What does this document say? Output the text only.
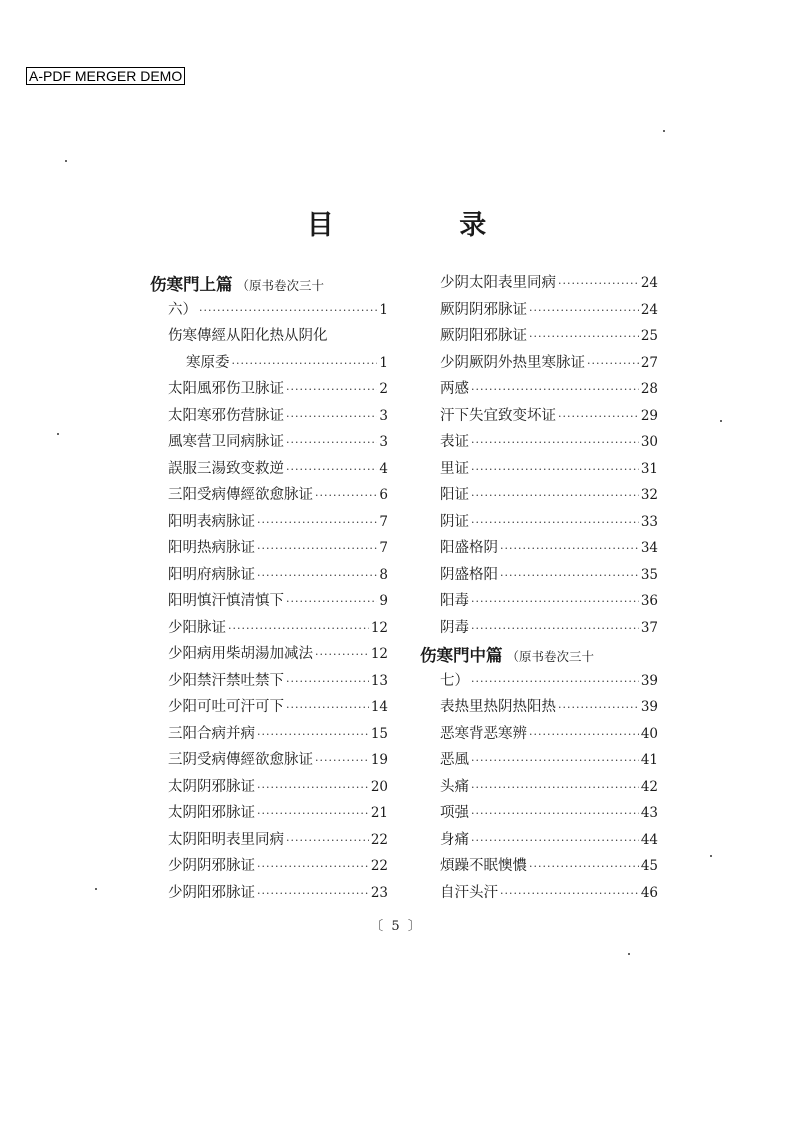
A-PDF MERGER DEMO
目 录
伤寒門上篇 （原书卷次三十
六） ·····	1
伤寒傳經从阳化热从阴化
寒原委 ·····	1
太阳風邪伤卫脉证 ·····	2
太阳寒邪伤营脉证 ·····	3
風寒营卫同病脉证 ·····	3
誤服三湯致变救逆 ·····	4
三阳受病傳經欲愈脉证 ·····	6
阳明表病脉证 ·····	7
阳明热病脉证 ·····	7
阳明府病脉证 ·····	8
阳明慎汗慎清慎下 ·····	9
少阳脉证 ·····	12
少阳病用柴胡湯加减法 ·····	12
少阳禁汗禁吐禁下 ·····	13
少阳可吐可汗可下 ·····	14
三阳合病并病 ·····	15
三阴受病傳經欲愈脉证 ·····	19
太阴阴邪脉证 ·····	20
太阴阳邪脉证 ·····	21
太阴阳明表里同病 ·····	22
少阴阴邪脉证 ·····	22
少阴阳邪脉证 ·····	23
少阴太阳表里同病 ·····	24
厥阴阴邪脉证 ·····	24
厥阴阳邪脉证 ·····	25
少阴厥阴外热里寒脉证 ·····	27
两感 ·····	28
汗下失宜致变坏证 ·····	29
表证 ·····	30
里证 ·····	31
阳证 ·····	32
阴证 ·····	33
阳盛格阴 ·····	34
阴盛格阳 ·····	35
阳毒 ·····	36
阴毒 ·····	37
伤寒門中篇 （原书卷次三十
七） ·····	39
表热里热阴热阳热 ·····	39
恶寒背恶寒辨 ·····	40
恶風 ·····	41
头痛 ·····	42
项强 ·····	43
身痛 ·····	44
煩躁不眠懊憹 ·····	45
自汗头汗 ·····	46
〔 5 〕
